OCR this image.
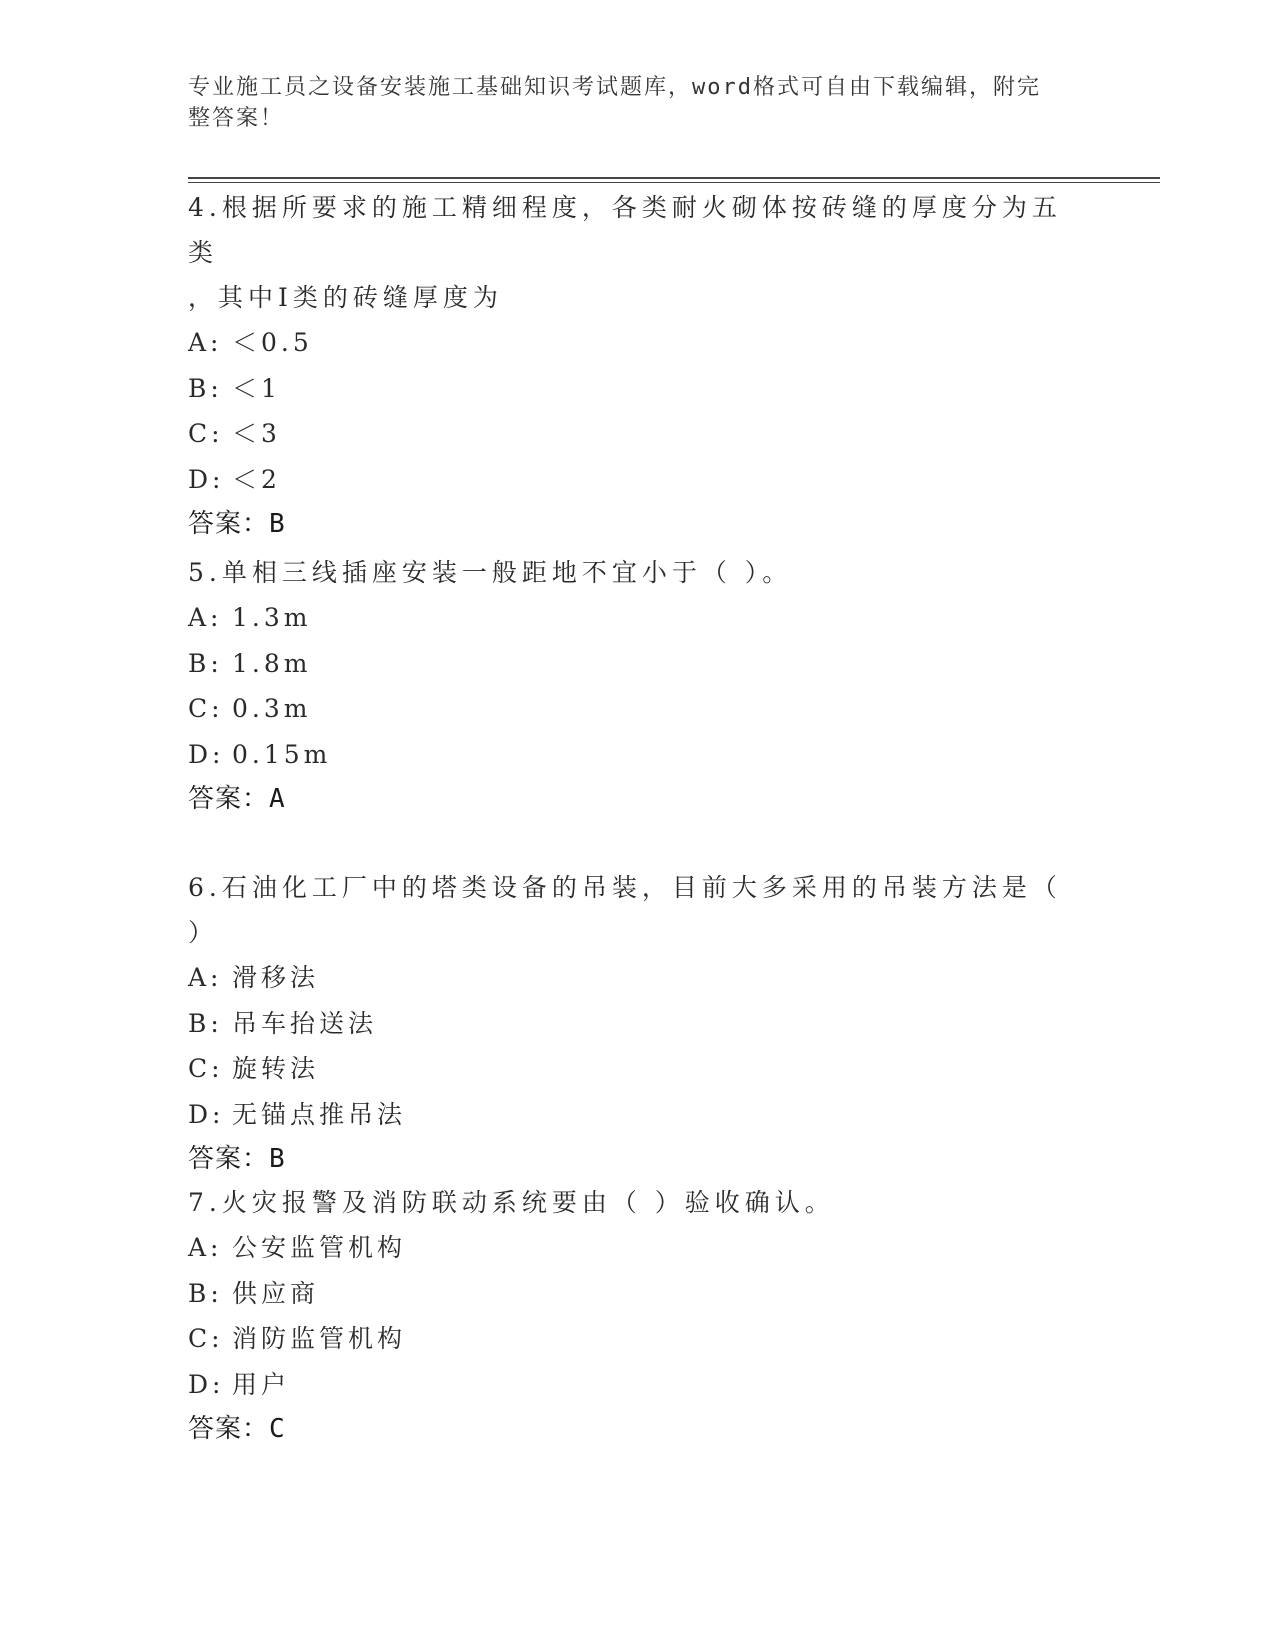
专业施工员之设备安装施工基础知识考试题库，word格式可自由下载编辑，附完
整答案！
4.根据所要求的施工精细程度，各类耐火砌体按砖缝的厚度分为五类
，其中Ⅰ类的砖缝厚度为
A: ＜0.5
B: ＜1
C: ＜3
D: ＜2
答案：B
5.单相三线插座安装一般距地不宜小于（ ）。
A: 1.3m
B: 1.8m
C: 0.3m
D: 0.15m
答案：A
6.石油化工厂中的塔类设备的吊装，目前大多采用的吊装方法是（ ）
A: 滑移法
B: 吊车抬送法
C: 旋转法
D: 无锚点推吊法
答案：B
7.火灾报警及消防联动系统要由（ ）验收确认。
A: 公安监管机构
B: 供应商
C: 消防监管机构
D: 用户
答案：C
